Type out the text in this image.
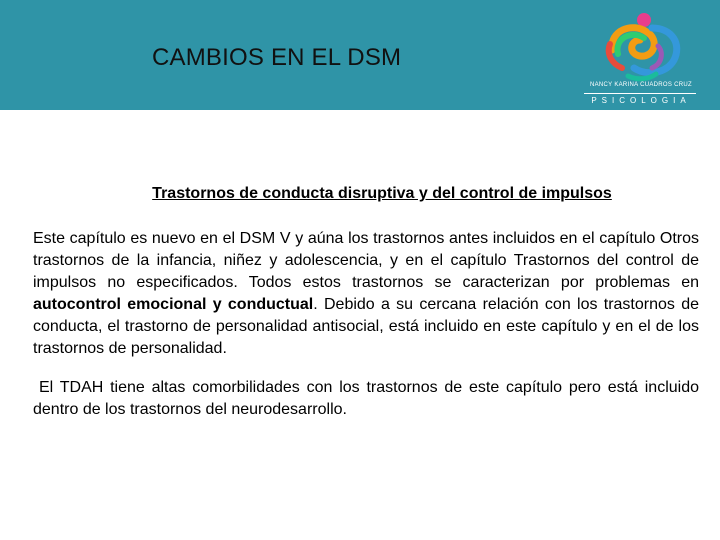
CAMBIOS EN EL DSM
NANCY KARINA CUADROS CRUZ
PSICOLOGIA
Trastornos de conducta disruptiva y del control de impulsos
Este capítulo es nuevo en el DSM V y aúna los trastornos antes incluidos en el capítulo Otros trastornos de la infancia, niñez y adolescencia, y en el capítulo Trastornos del control de impulsos no especificados. Todos estos trastornos se caracterizan por problemas en autocontrol emocional y conductual. Debido a su cercana relación con los trastornos de conducta, el trastorno de personalidad antisocial, está incluido en este capítulo y en el de los trastornos de personalidad.
El TDAH tiene altas comorbilidades con los trastornos de este capítulo pero está incluido dentro de los trastornos del neurodesarrollo.
